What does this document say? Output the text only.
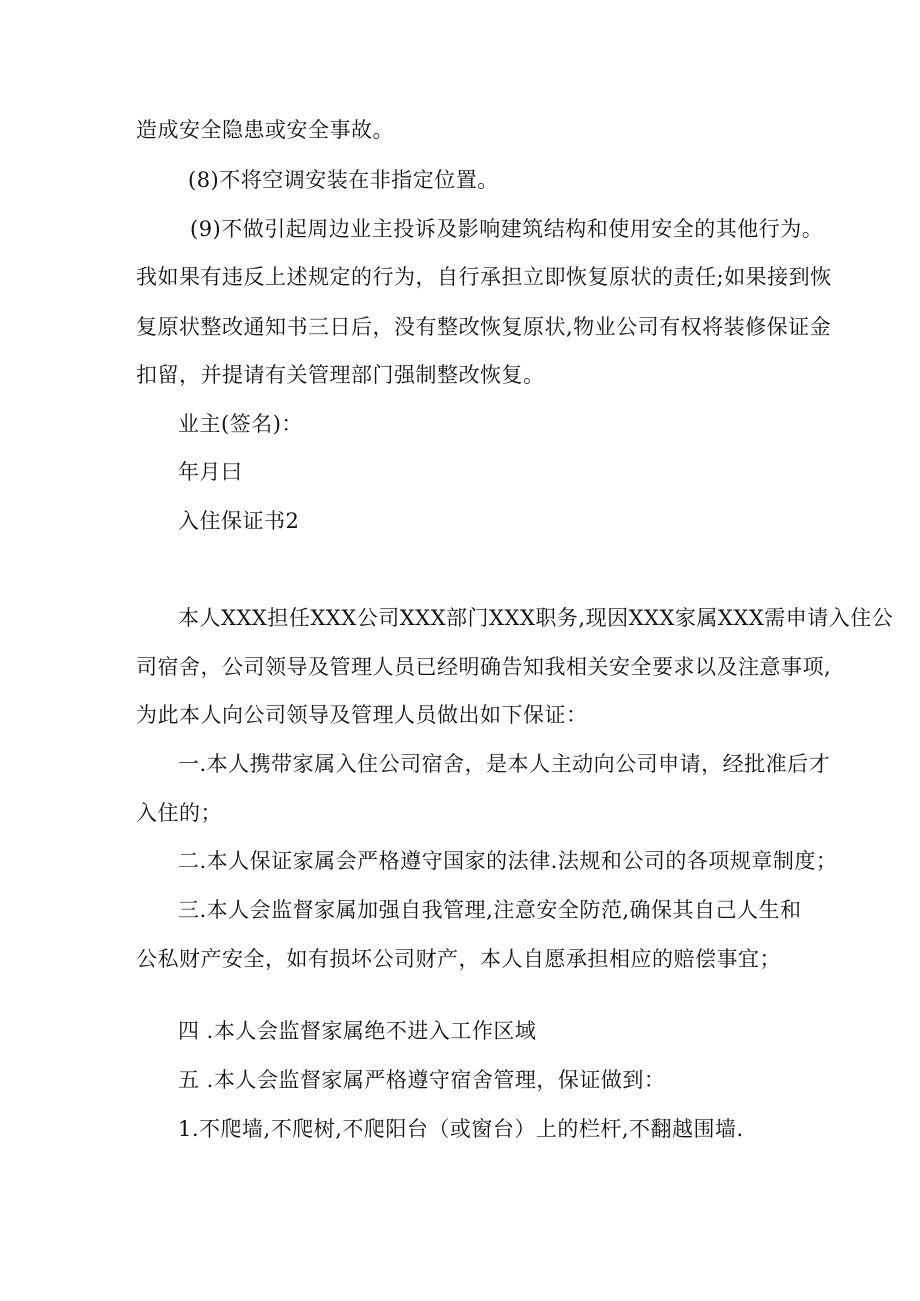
造成安全隐患或安全事故。
(8)不将空调安装在非指定位置。
(9)不做引起周边业主投诉及影响建筑结构和使用安全的其他行为。
我如果有违反上述规定的行为，自行承担立即恢复原状的责任;如果接到恢
复原状整改通知书三日后，没有整改恢复原状,物业公司有权将装修保证金
扣留，并提请有关管理部门强制整改恢复。
业主(签名)：
年月曰
入住保证书2
本人XXX担任XXX公司XXX部门XXX职务,现因XXX家属XXX需申请入住公
司宿舍，公司领导及管理人员已经明确告知我相关安全要求以及注意事项,
为此本人向公司领导及管理人员做出如下保证：
一.本人携带家属入住公司宿舍，是本人主动向公司申请，经批准后才
入住的；
二.本人保证家属会严格遵守国家的法律.法规和公司的各项规章制度；
三.本人会监督家属加强自我管理,注意安全防范,确保其自己人生和
公私财产安全，如有损坏公司财产，本人自愿承担相应的赔偿事宜；
四 .本人会监督家属绝不进入工作区域
五 .本人会监督家属严格遵守宿舍管理，保证做到：
1.不爬墙,不爬树,不爬阳台（或窗台）上的栏杆,不翻越围墙.
